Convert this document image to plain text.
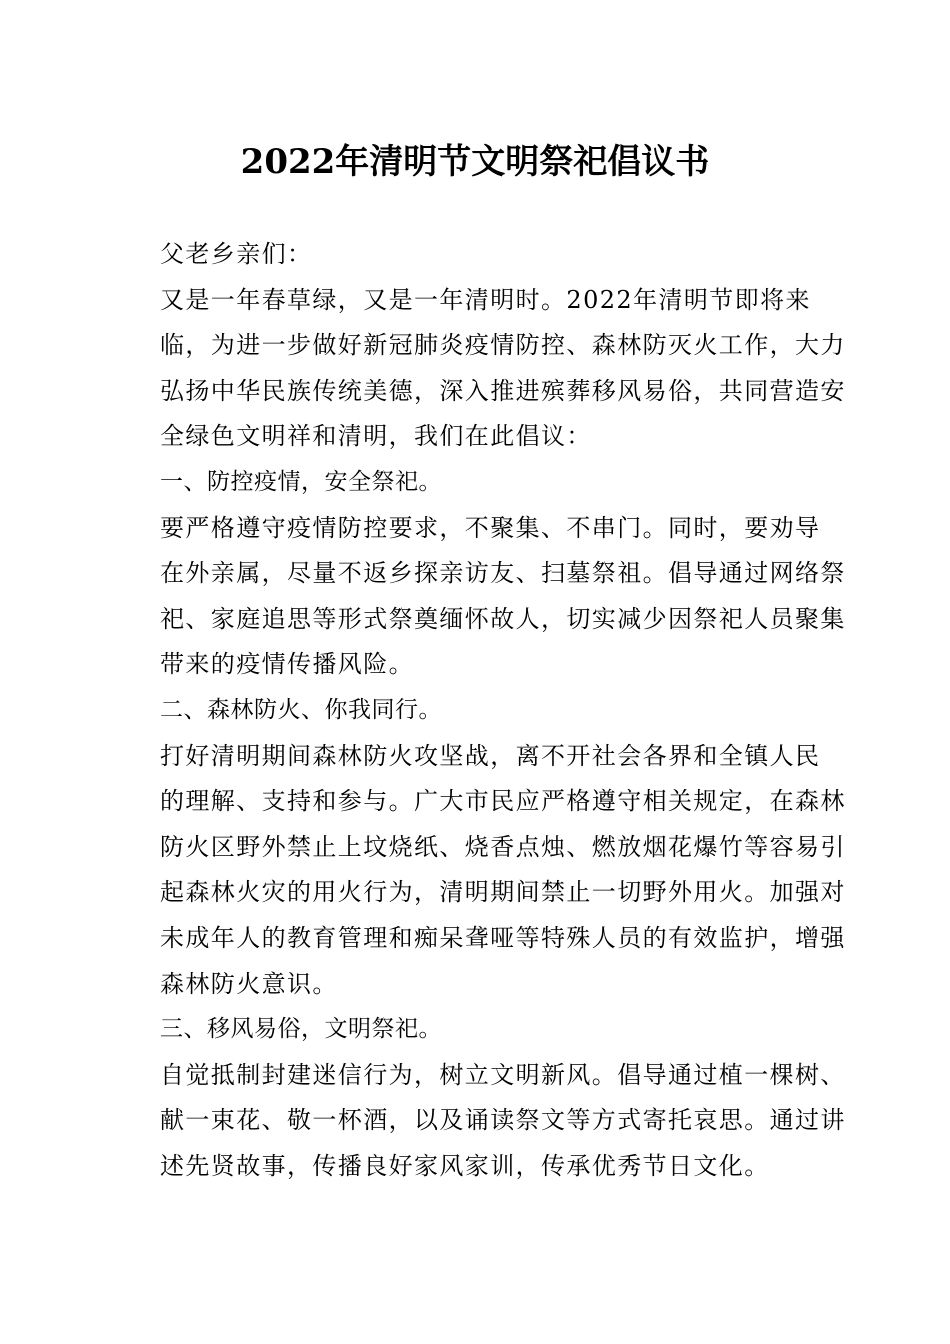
2022年清明节文明祭祀倡议书

父老乡亲们：

又是一年春草绿，又是一年清明时。2022年清明节即将来
临，为进一步做好新冠肺炎疫情防控、森林防灭火工作，大力
弘扬中华民族传统美德，深入推进殡葬移风易俗，共同营造安
全绿色文明祥和清明，我们在此倡议：

一、防控疫情，安全祭祀。

要严格遵守疫情防控要求，不聚集、不串门。同时，要劝导
在外亲属，尽量不返乡探亲访友、扫墓祭祖。倡导通过网络祭
祀、家庭追思等形式祭奠缅怀故人，切实减少因祭祀人员聚集
带来的疫情传播风险。

二、森林防火、你我同行。

打好清明期间森林防火攻坚战，离不开社会各界和全镇人民
的理解、支持和参与。广大市民应严格遵守相关规定，在森林
防火区野外禁止上坟烧纸、烧香点烛、燃放烟花爆竹等容易引
起森林火灾的用火行为，清明期间禁止一切野外用火。加强对
未成年人的教育管理和痴呆聋哑等特殊人员的有效监护，增强
森林防火意识。

三、移风易俗，文明祭祀。

自觉抵制封建迷信行为，树立文明新风。倡导通过植一棵树、
献一束花、敬一杯酒，以及诵读祭文等方式寄托哀思。通过讲
述先贤故事，传播良好家风家训，传承优秀节日文化。
